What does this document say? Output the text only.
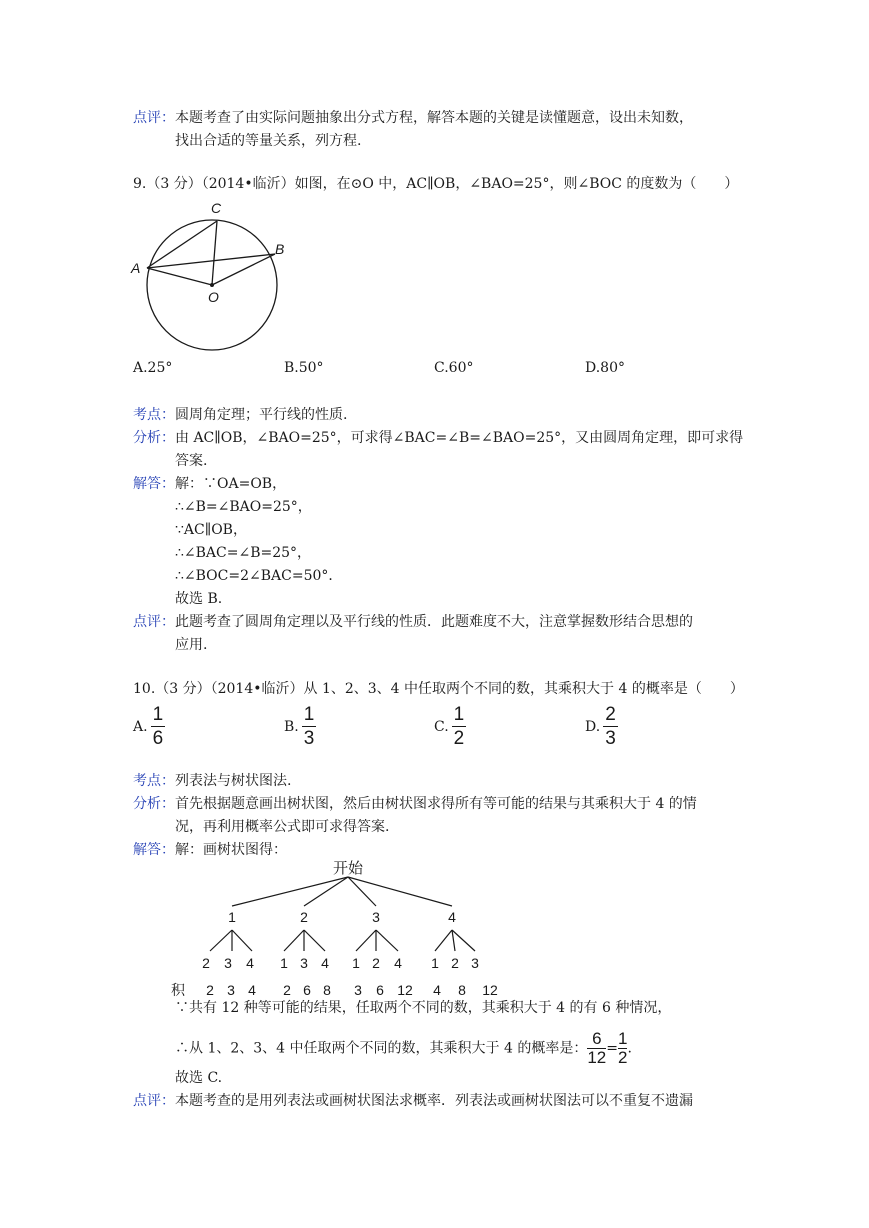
点评：本题考查了由实际问题抽象出分式方程，解答本题的关键是读懂题意，设出未知数，
找出合适的等量关系，列方程.
9.（3 分）（2014•临沂）如图，在⊙O 中，AC∥OB，∠BAO=25°，则∠BOC 的度数为（　　）
C
B
A
O
A.25°	B.50°	C.60°	D.80°
考点：圆周角定理；平行线的性质.
分析：由 AC∥OB，∠BAO=25°，可求得∠BAC=∠B=∠BAO=25°，又由圆周角定理，即可求得
答案.
解答：解：∵OA=OB，
∴∠B=∠BAO=25°，
∵AC∥OB，
∴∠BAC=∠B=25°，
∴∠BOC=2∠BAC=50°．
故选 B.
点评：此题考查了圆周角定理以及平行线的性质．此题难度不大，注意掌握数形结合思想的
应用.
10.（3 分）（2014•临沂）从 1、2、3、4 中任取两个不同的数，其乘积大于 4 的概率是（　　）
A. $\frac{1}{6}$	B. $\frac{1}{3}$	C. $\frac{1}{2}$	D. $\frac{2}{3}$
考点：列表法与树状图法.
分析：首先根据题意画出树状图，然后由树状图求得所有等可能的结果与其乘积大于 4 的情
况，再利用概率公式即可求得答案.
解答：解：画树状图得：
开始
1	2	3	4
2 3 4 1 3 4 1 2 4 1 2 3
积 2 3 4 2 6 8 3 6 12 4 8 12
∵共有 12 种等可能的结果，任取两个不同的数，其乘积大于 4 的有 6 种情况，
∴从 1、2、3、4 中任取两个不同的数，其乘积大于 4 的概率是： $\frac{6}{12} = \frac{1}{2}$ .
故选 C.
点评：本题考查的是用列表法或画树状图法求概率．列表法或画树状图法可以不重复不遗漏
